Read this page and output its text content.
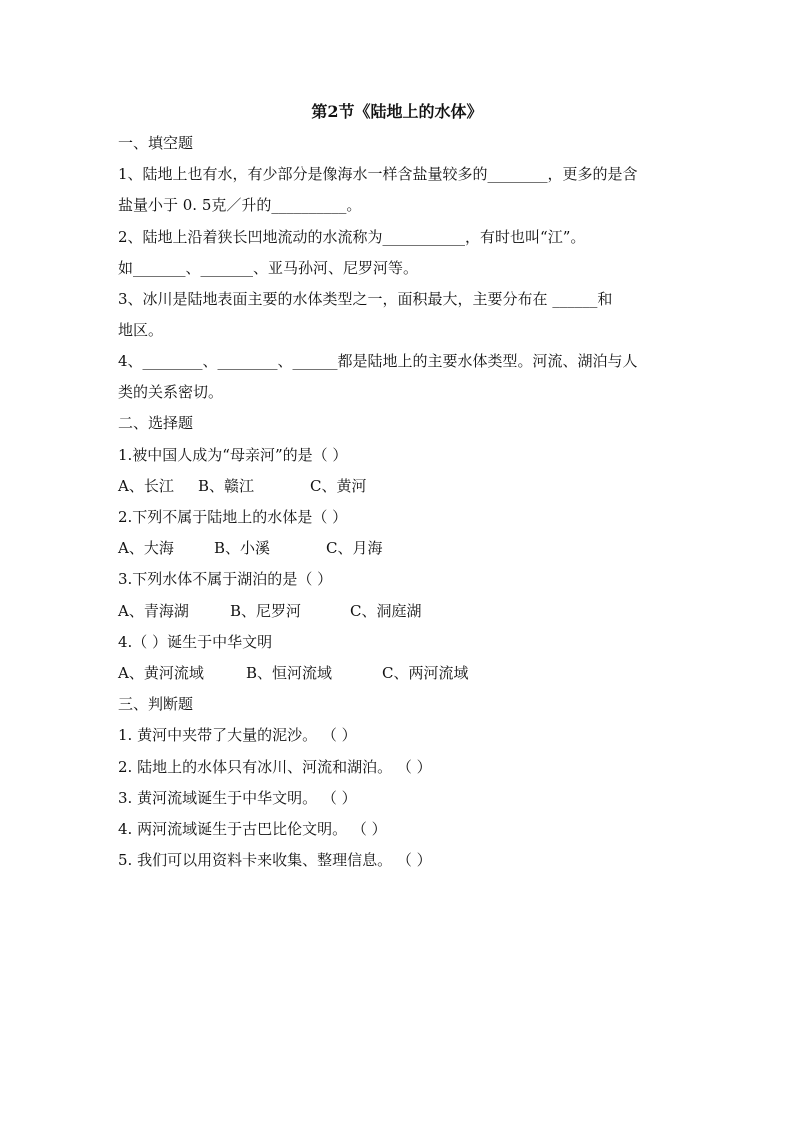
第2节《陆地上的水体》
一、填空题
1、陆地上也有水，有少部分是像海水一样含盐量较多的________，更多的是含
盐量小于 0. 5克／升的__________。
2、陆地上沿着狭长凹地流动的水流称为___________，有时也叫“江”。
如_______、_______、亚马孙河、尼罗河等。
3、冰川是陆地表面主要的水体类型之一，面积最大，主要分布在 ______和
地区。
4、________、________、______都是陆地上的主要水体类型。河流、湖泊与人
类的关系密切。
二、选择题
1.被中国人成为“母亲河”的是（ ）
A、长江 B、赣江	C、黄河
2.下列不属于陆地上的水体是（ ）
A、大海	B、小溪	C、月海
3.下列水体不属于湖泊的是（ ）
A、青海湖	B、尼罗河	C、洞庭湖
4.（ ）诞生于中华文明
A、黄河流域	B、恒河流域	C、两河流域
三、判断题
1. 黄河中夹带了大量的泥沙。 （ ）
2. 陆地上的水体只有冰川、河流和湖泊。 （ ）
3. 黄河流域诞生于中华文明。 （ ）
4. 两河流域诞生于古巴比伦文明。 （ ）
5. 我们可以用资料卡来收集、整理信息。 （ ）
